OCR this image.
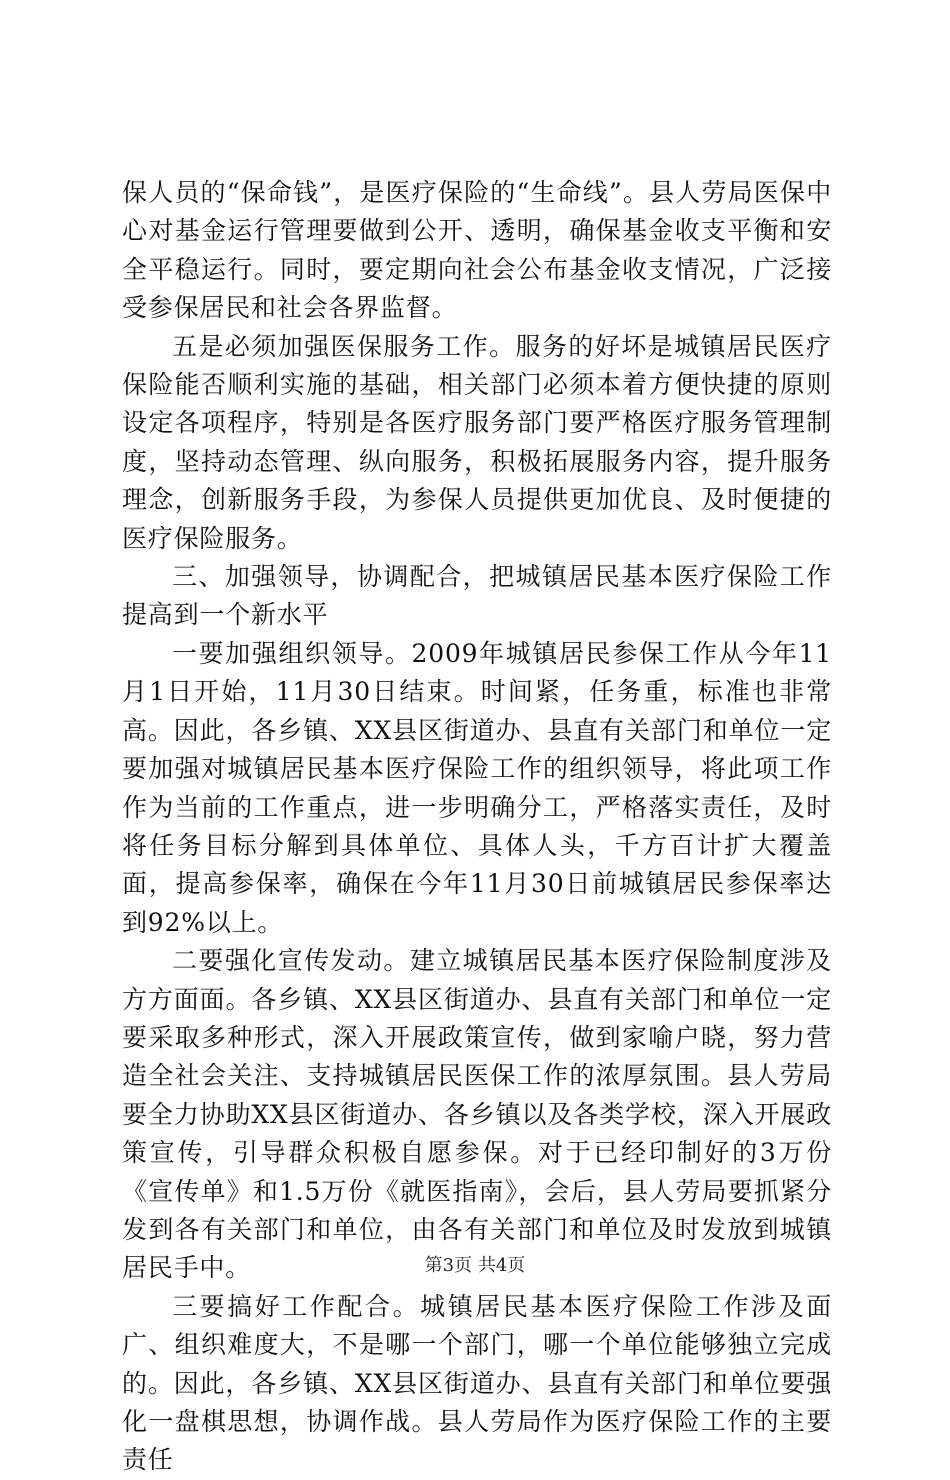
保人员的“保命钱”，是医疗保险的“生命线”。县人劳局医保中心对基金运行管理要做到公开、透明，确保基金收支平衡和安全平稳运行。同时，要定期向社会公布基金收支情况，广泛接受参保居民和社会各界监督。

五是必须加强医保服务工作。服务的好坏是城镇居民医疗保险能否顺利实施的基础，相关部门必须本着方便快捷的原则设定各项程序，特别是各医疗服务部门要严格医疗服务管理制度，坚持动态管理、纵向服务，积极拓展服务内容，提升服务理念，创新服务手段，为参保人员提供更加优良、及时便捷的医疗保险服务。

三、加强领导，协调配合，把城镇居民基本医疗保险工作提高到一个新水平

一要加强组织领导。2009年城镇居民参保工作从今年11月1日开始，11月30日结束。时间紧，任务重，标准也非常高。因此，各乡镇、XX县区街道办、县直有关部门和单位一定要加强对城镇居民基本医疗保险工作的组织领导，将此项工作作为当前的工作重点，进一步明确分工，严格落实责任，及时将任务目标分解到具体单位、具体人头，千方百计扩大覆盖面，提高参保率，确保在今年11月30日前城镇居民参保率达到92%以上。

二要强化宣传发动。建立城镇居民基本医疗保险制度涉及方方面面。各乡镇、XX县区街道办、县直有关部门和单位一定要采取多种形式，深入开展政策宣传，做到家喻户晓，努力营造全社会关注、支持城镇居民医保工作的浓厚氛围。县人劳局要全力协助XX县区街道办、各乡镇以及各类学校，深入开展政策宣传，引导群众积极自愿参保。对于已经印制好的3万份《宣传单》和1.5万份《就医指南》，会后，县人劳局要抓紧分发到各有关部门和单位，由各有关部门和单位及时发放到城镇居民手中。

三要搞好工作配合。城镇居民基本医疗保险工作涉及面广、组织难度大，不是哪一个部门，哪一个单位能够独立完成的。因此，各乡镇、XX县区街道办、县直有关部门和单位要强化一盘棋思想，协调作战。县人劳局作为医疗保险工作的主要责任

第3页 共4页
